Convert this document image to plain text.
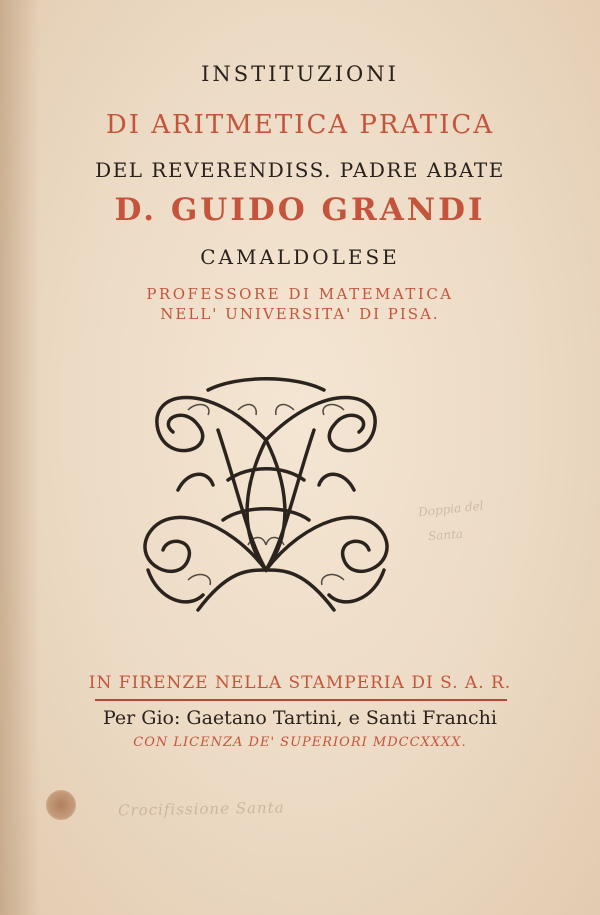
INSTITUZIONI
DI ARITMETICA PRATICA
DEL REVERENDISS. PADRE ABATE
D. GUIDO GRANDI
CAMALDOLESE
PROFESSORE DI MATEMATICA
NELL' UNIVERSITA' DI PISA.
Doppia del
Santa
IN FIRENZE NELLA STAMPERIA DI S. A. R.
Per Gio: Gaetano Tartini, e Santi Franchi
CON LICENZA DE' SUPERIORI MDCCXXXX.
Crocifissione Santa
